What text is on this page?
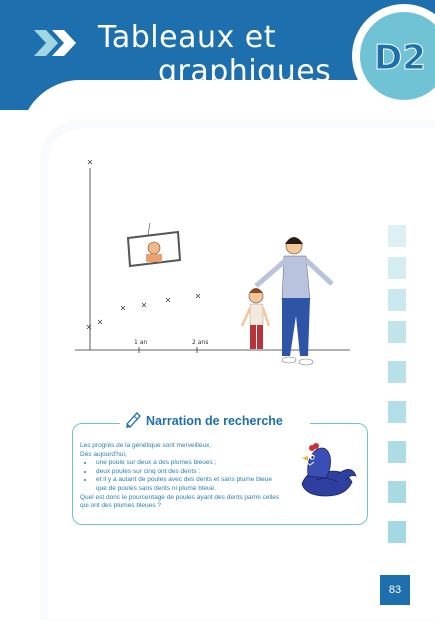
Tableaux et
graphiques D2
1 an	2 ans
Narration de recherche
Les progrès de la génétique sont merveilleux.
Dès aujourd'hui,
• une poule sur deux a des plumes bleues ;
• deux poules sur cinq ont des dents ;
• et il y a autant de poules avec des dents et sans plume bleue que de poules sans dents ni plume bleue.
Quel est donc le pourcentage de poules ayant des dents parmi celles qui ont des plumes bleues ?
83
